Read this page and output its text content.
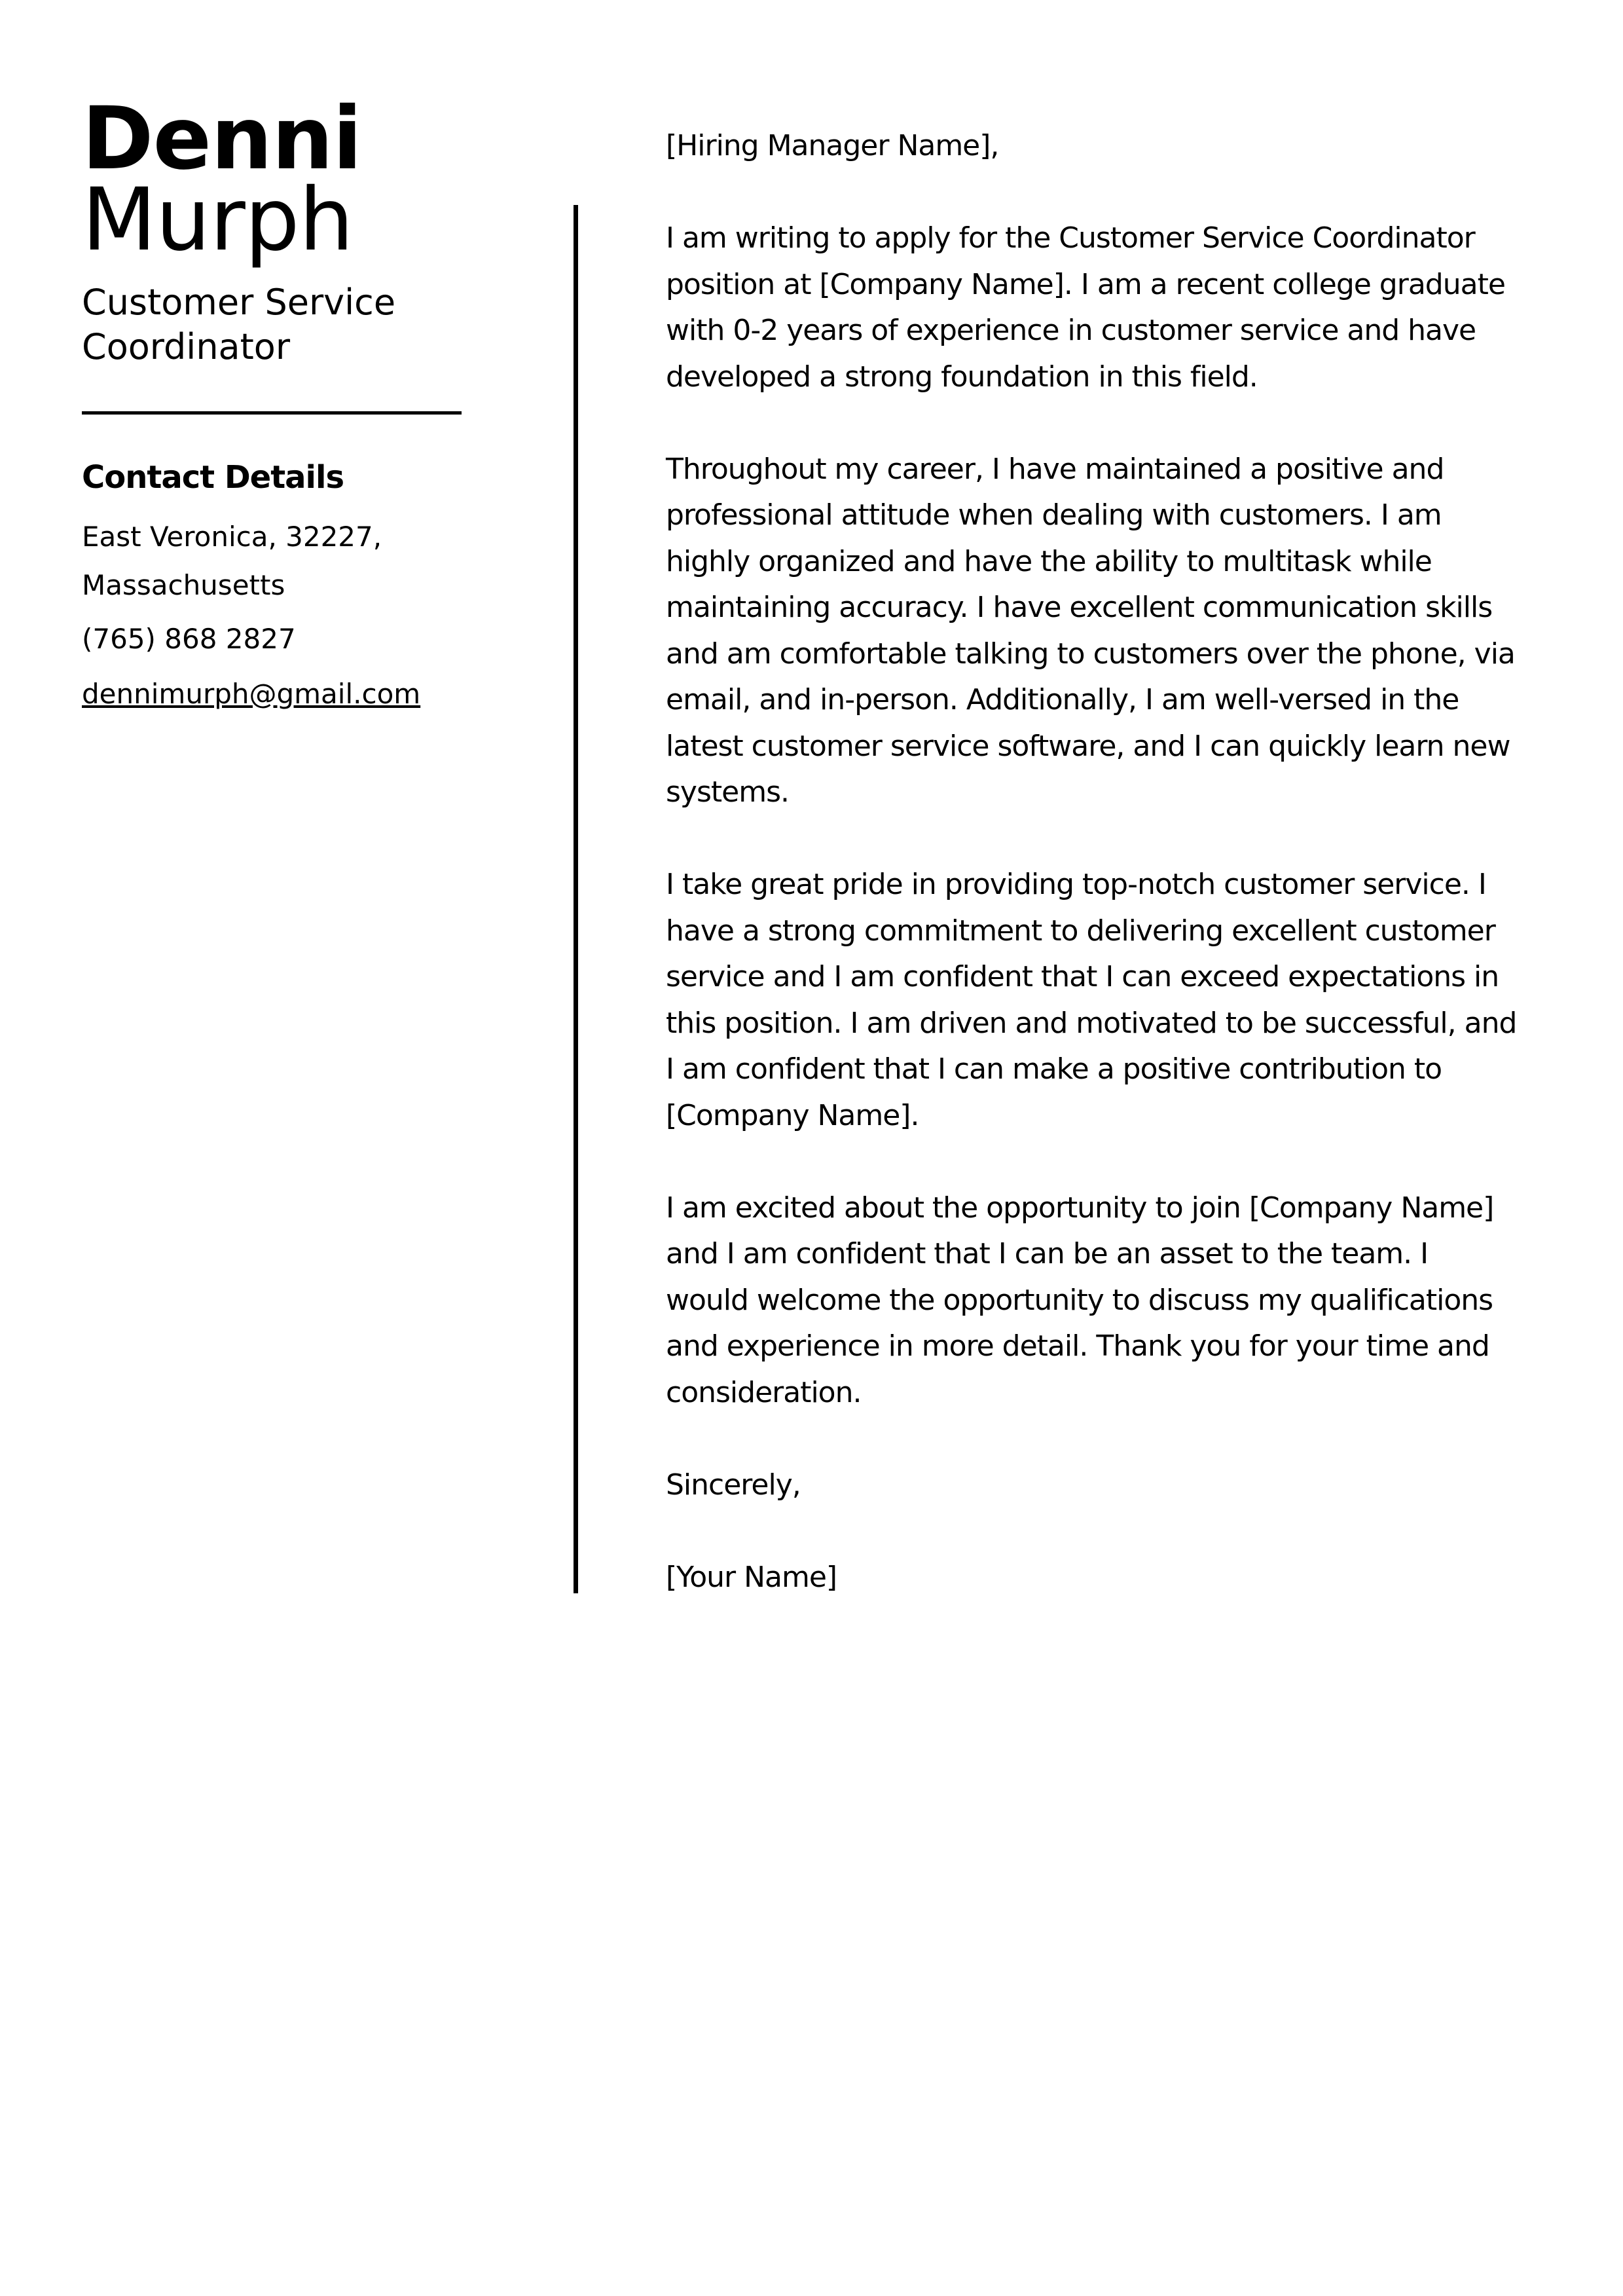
Denni
Murph
Customer Service Coordinator
Contact Details
East Veronica, 32227, Massachusetts
(765) 868 2827
dennimurph@gmail.com

[Hiring Manager Name],

I am writing to apply for the Customer Service Coordinator position at [Company Name]. I am a recent college graduate with 0-2 years of experience in customer service and have developed a strong foundation in this field.

Throughout my career, I have maintained a positive and professional attitude when dealing with customers. I am highly organized and have the ability to multitask while maintaining accuracy. I have excellent communication skills and am comfortable talking to customers over the phone, via email, and in-person. Additionally, I am well-versed in the latest customer service software, and I can quickly learn new systems.

I take great pride in providing top-notch customer service. I have a strong commitment to delivering excellent customer service and I am confident that I can exceed expectations in this position. I am driven and motivated to be successful, and I am confident that I can make a positive contribution to [Company Name].

I am excited about the opportunity to join [Company Name] and I am confident that I can be an asset to the team. I would welcome the opportunity to discuss my qualifications and experience in more detail. Thank you for your time and consideration.

Sincerely,

[Your Name]
